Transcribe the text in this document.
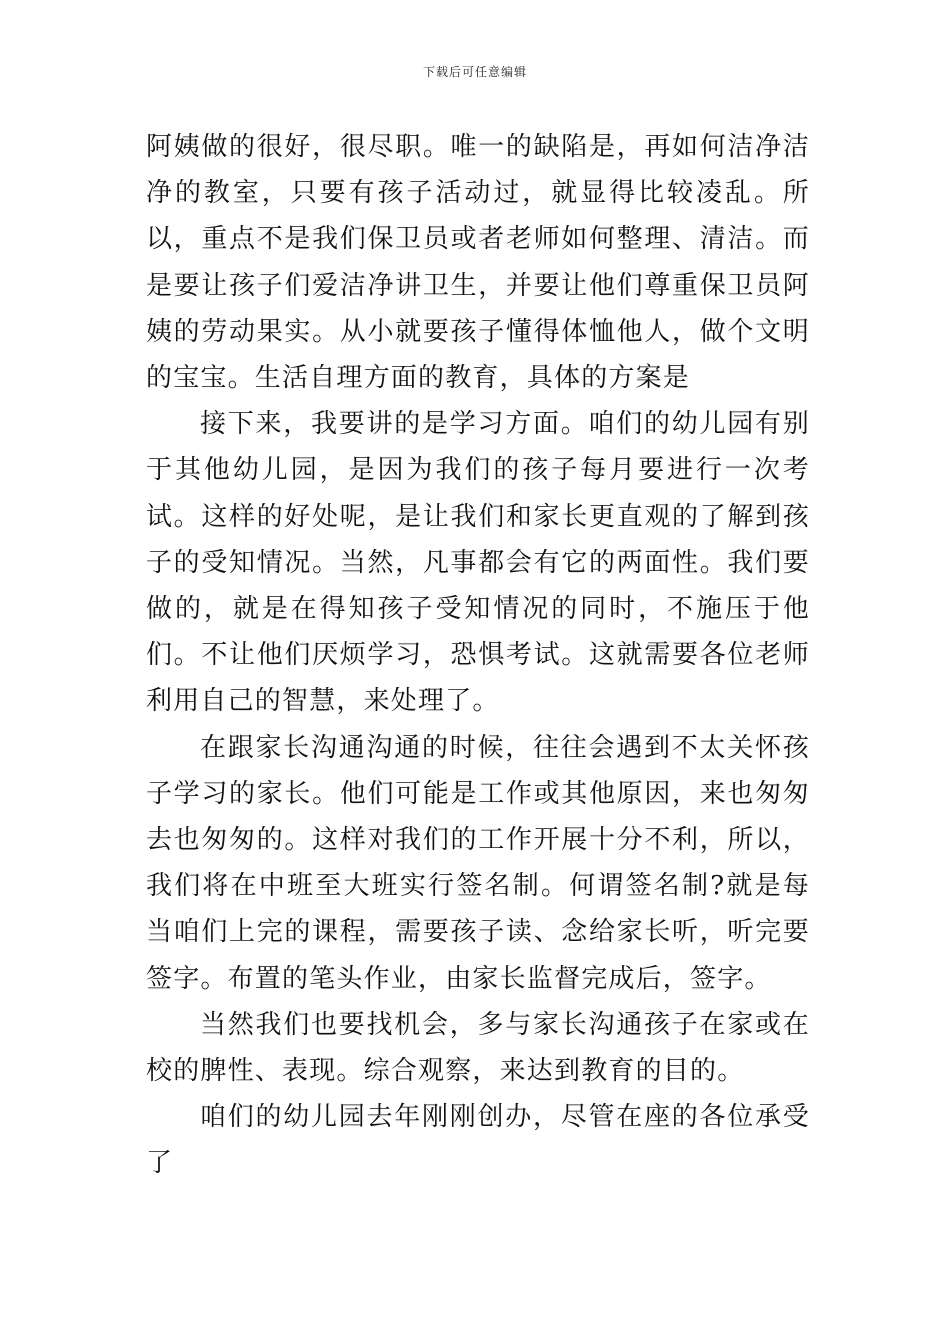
下载后可任意编辑

阿姨做的很好，很尽职。唯一的缺陷是，再如何洁净洁净的教室，只要有孩子活动过，就显得比较凌乱。所以，重点不是我们保卫员或者老师如何整理、清洁。而是要让孩子们爱洁净讲卫生，并要让他们尊重保卫员阿姨的劳动果实。从小就要孩子懂得体恤他人，做个文明的宝宝。生活自理方面的教育，具体的方案是

接下来，我要讲的是学习方面。咱们的幼儿园有别于其他幼儿园，是因为我们的孩子每月要进行一次考试。这样的好处呢，是让我们和家长更直观的了解到孩子的受知情况。当然，凡事都会有它的两面性。我们要做的，就是在得知孩子受知情况的同时，不施压于他们。不让他们厌烦学习，恐惧考试。这就需要各位老师利用自己的智慧，来处理了。

在跟家长沟通沟通的时候，往往会遇到不太关怀孩子学习的家长。他们可能是工作或其他原因，来也匆匆去也匆匆的。这样对我们的工作开展十分不利，所以，我们将在中班至大班实行签名制。何谓签名制?就是每当咱们上完的课程，需要孩子读、念给家长听，听完要签字。布置的笔头作业，由家长监督完成后，签字。

当然我们也要找机会，多与家长沟通孩子在家或在校的脾性、表现。综合观察，来达到教育的目的。

咱们的幼儿园去年刚刚创办，尽管在座的各位承受了
